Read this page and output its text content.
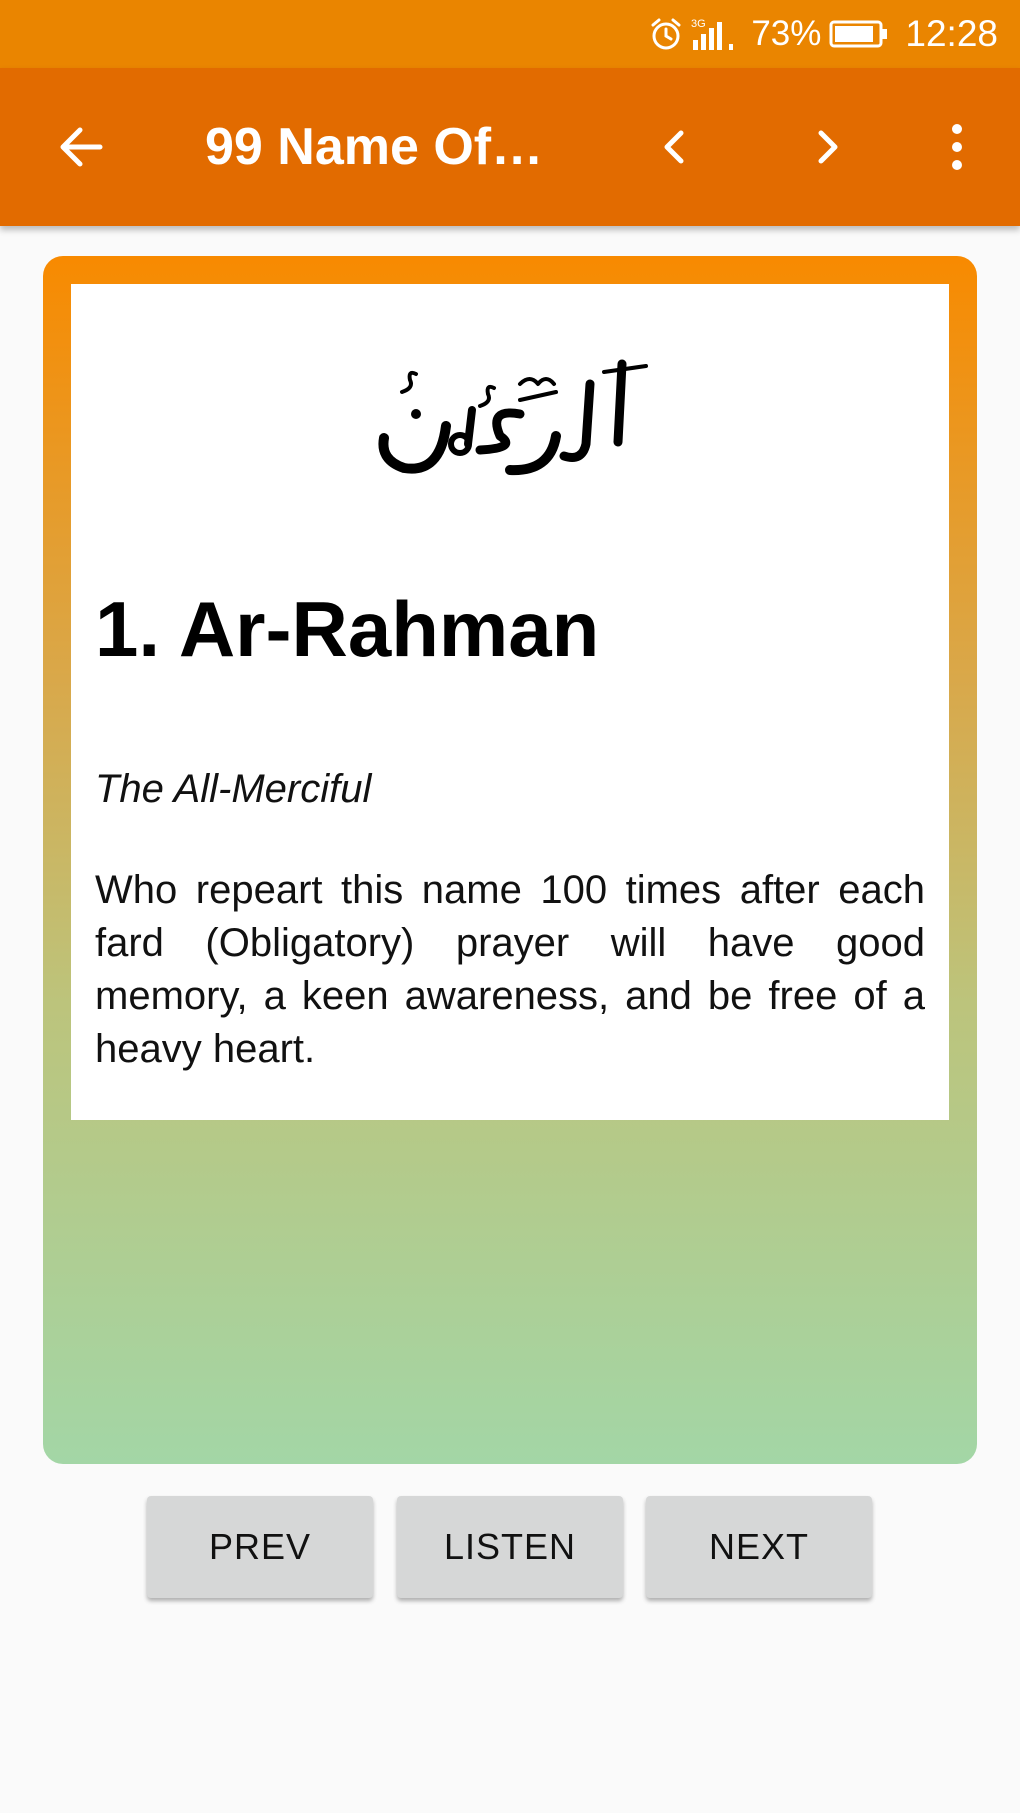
3G 73% 12:28
99 Name Of…
ٱلرَّحْمَٰنُ
1. Ar-Rahman
The All-Merciful
Who repeart this name 100 times after each fard (Obligatory) prayer will have good memory, a keen awareness, and be free of a heavy heart.
PREV	LISTEN	NEXT
